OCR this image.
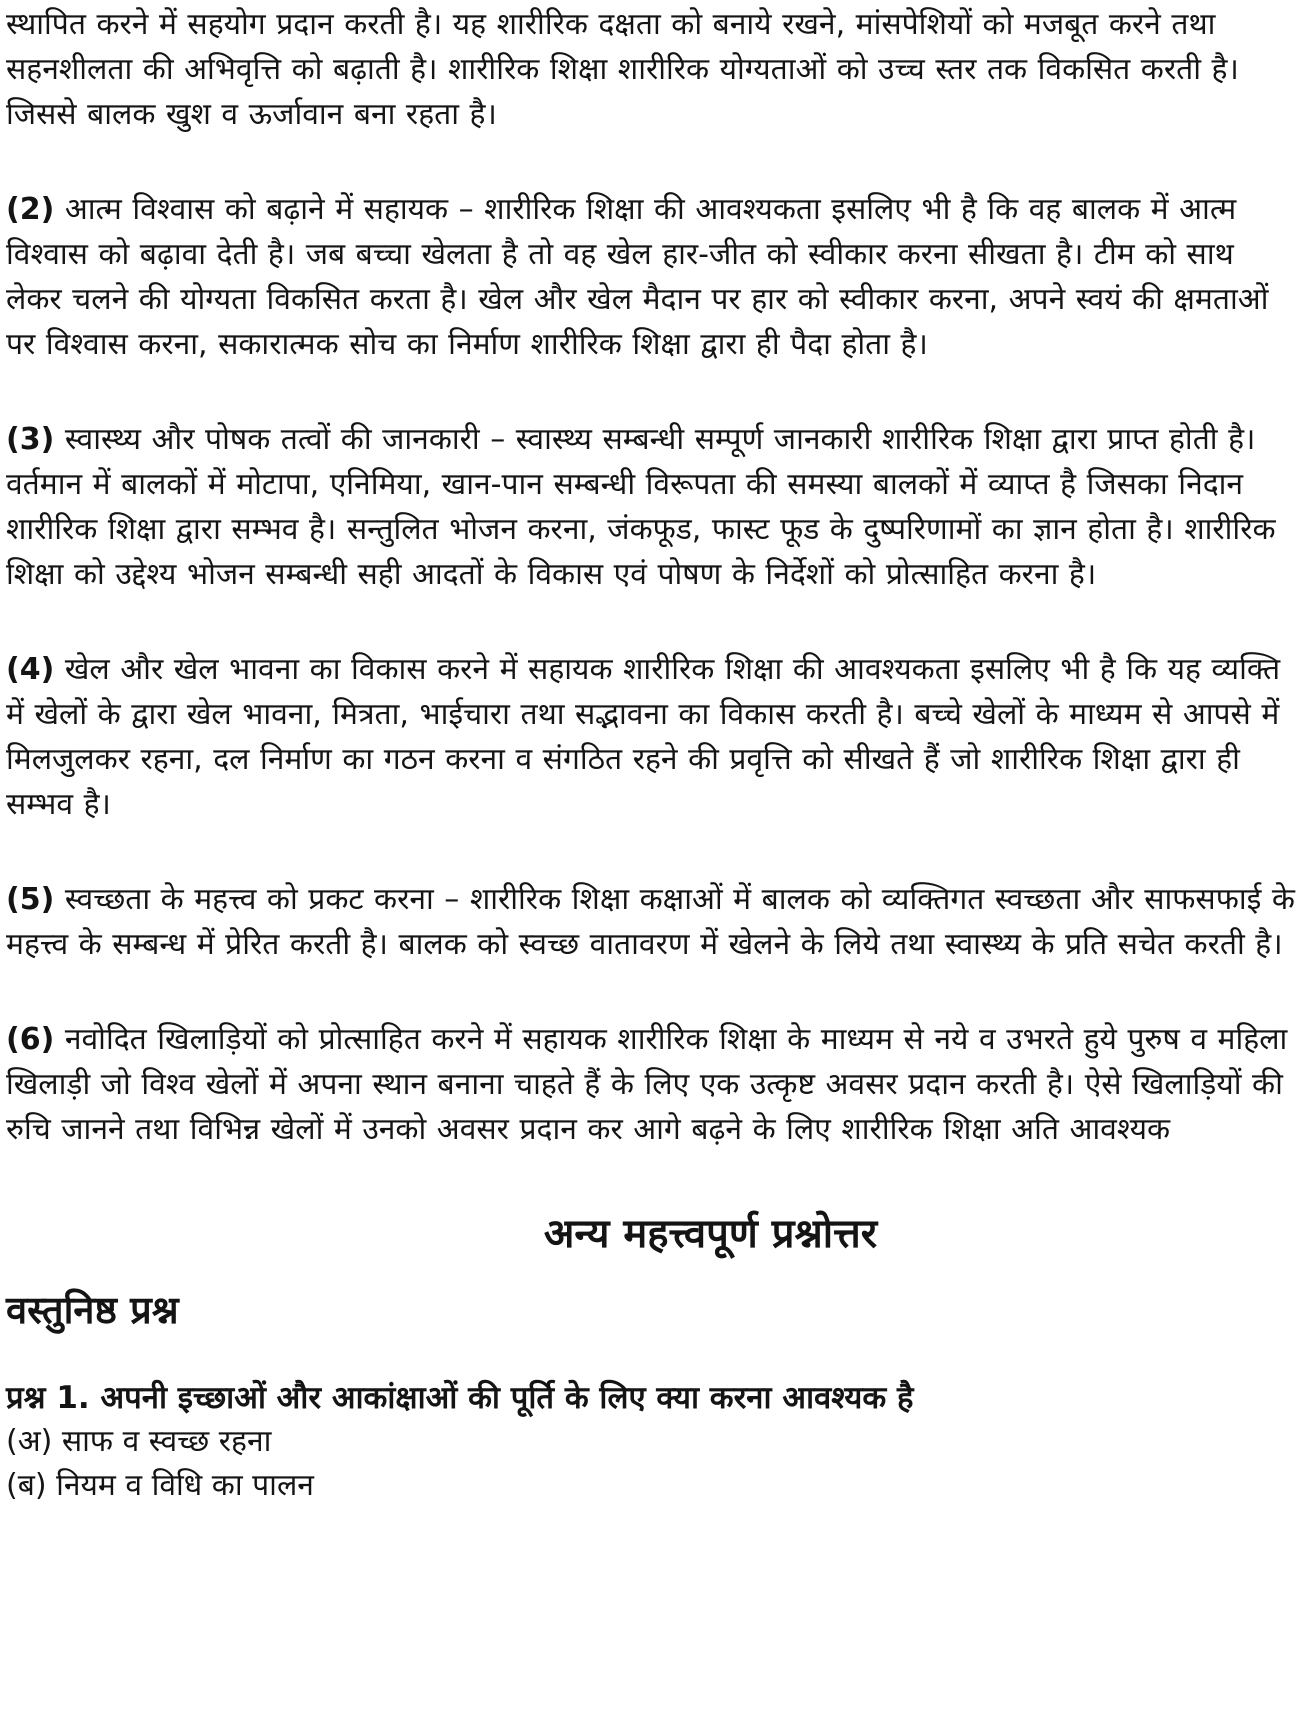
स्थापित करने में सहयोग प्रदान करती है। यह शारीरिक दक्षता को बनाये रखने, मांसपेशियों को मजबूत करने तथा सहनशीलता की अभिवृत्ति को बढ़ाती है। शारीरिक शिक्षा शारीरिक योग्यताओं को उच्च स्तर तक विकसित करती है। जिससे बालक खुश व ऊर्जावान बना रहता है।

(2) आत्म विश्वास को बढ़ाने में सहायक – शारीरिक शिक्षा की आवश्यकता इसलिए भी है कि वह बालक में आत्म विश्वास को बढ़ावा देती है। जब बच्चा खेलता है तो वह खेल हार-जीत को स्वीकार करना सीखता है। टीम को साथ लेकर चलने की योग्यता विकसित करता है। खेल और खेल मैदान पर हार को स्वीकार करना, अपने स्वयं की क्षमताओं पर विश्वास करना, सकारात्मक सोच का निर्माण शारीरिक शिक्षा द्वारा ही पैदा होता है।

(3) स्वास्थ्य और पोषक तत्वों की जानकारी – स्वास्थ्य सम्बन्धी सम्पूर्ण जानकारी शारीरिक शिक्षा द्वारा प्राप्त होती है। वर्तमान में बालकों में मोटापा, एनिमिया, खान-पान सम्बन्धी विरूपता की समस्या बालकों में व्याप्त है जिसका निदान शारीरिक शिक्षा द्वारा सम्भव है। सन्तुलित भोजन करना, जंकफूड, फास्ट फूड के दुष्परिणामों का ज्ञान होता है। शारीरिक शिक्षा को उद्देश्य भोजन सम्बन्धी सही आदतों के विकास एवं पोषण के निर्देशों को प्रोत्साहित करना है।

(4) खेल और खेल भावना का विकास करने में सहायक शारीरिक शिक्षा की आवश्यकता इसलिए भी है कि यह व्यक्ति में खेलों के द्वारा खेल भावना, मित्रता, भाईचारा तथा सद्भावना का विकास करती है। बच्चे खेलों के माध्यम से आपसे में मिलजुलकर रहना, दल निर्माण का गठन करना व संगठित रहने की प्रवृत्ति को सीखते हैं जो शारीरिक शिक्षा द्वारा ही सम्भव है।

(5) स्वच्छता के महत्त्व को प्रकट करना – शारीरिक शिक्षा कक्षाओं में बालक को व्यक्तिगत स्वच्छता और साफसफाई के महत्त्व के सम्बन्ध में प्रेरित करती है। बालक को स्वच्छ वातावरण में खेलने के लिये तथा स्वास्थ्य के प्रति सचेत करती है।

(6) नवोदित खिलाड़ियों को प्रोत्साहित करने में सहायक शारीरिक शिक्षा के माध्यम से नये व उभरते हुये पुरुष व महिला खिलाड़ी जो विश्व खेलों में अपना स्थान बनाना चाहते हैं के लिए एक उत्कृष्ट अवसर प्रदान करती है। ऐसे खिलाड़ियों की रुचि जानने तथा विभिन्न खेलों में उनको अवसर प्रदान कर आगे बढ़ने के लिए शारीरिक शिक्षा अति आवश्यक

अन्य महत्त्वपूर्ण प्रश्नोत्तर
वस्तुनिष्ठ प्रश्न

प्रश्न 1. अपनी इच्छाओं और आकांक्षाओं की पूर्ति के लिए क्या करना आवश्यक है

(अ) साफ व स्वच्छ रहना

(ब) नियम व विधि का पालन
